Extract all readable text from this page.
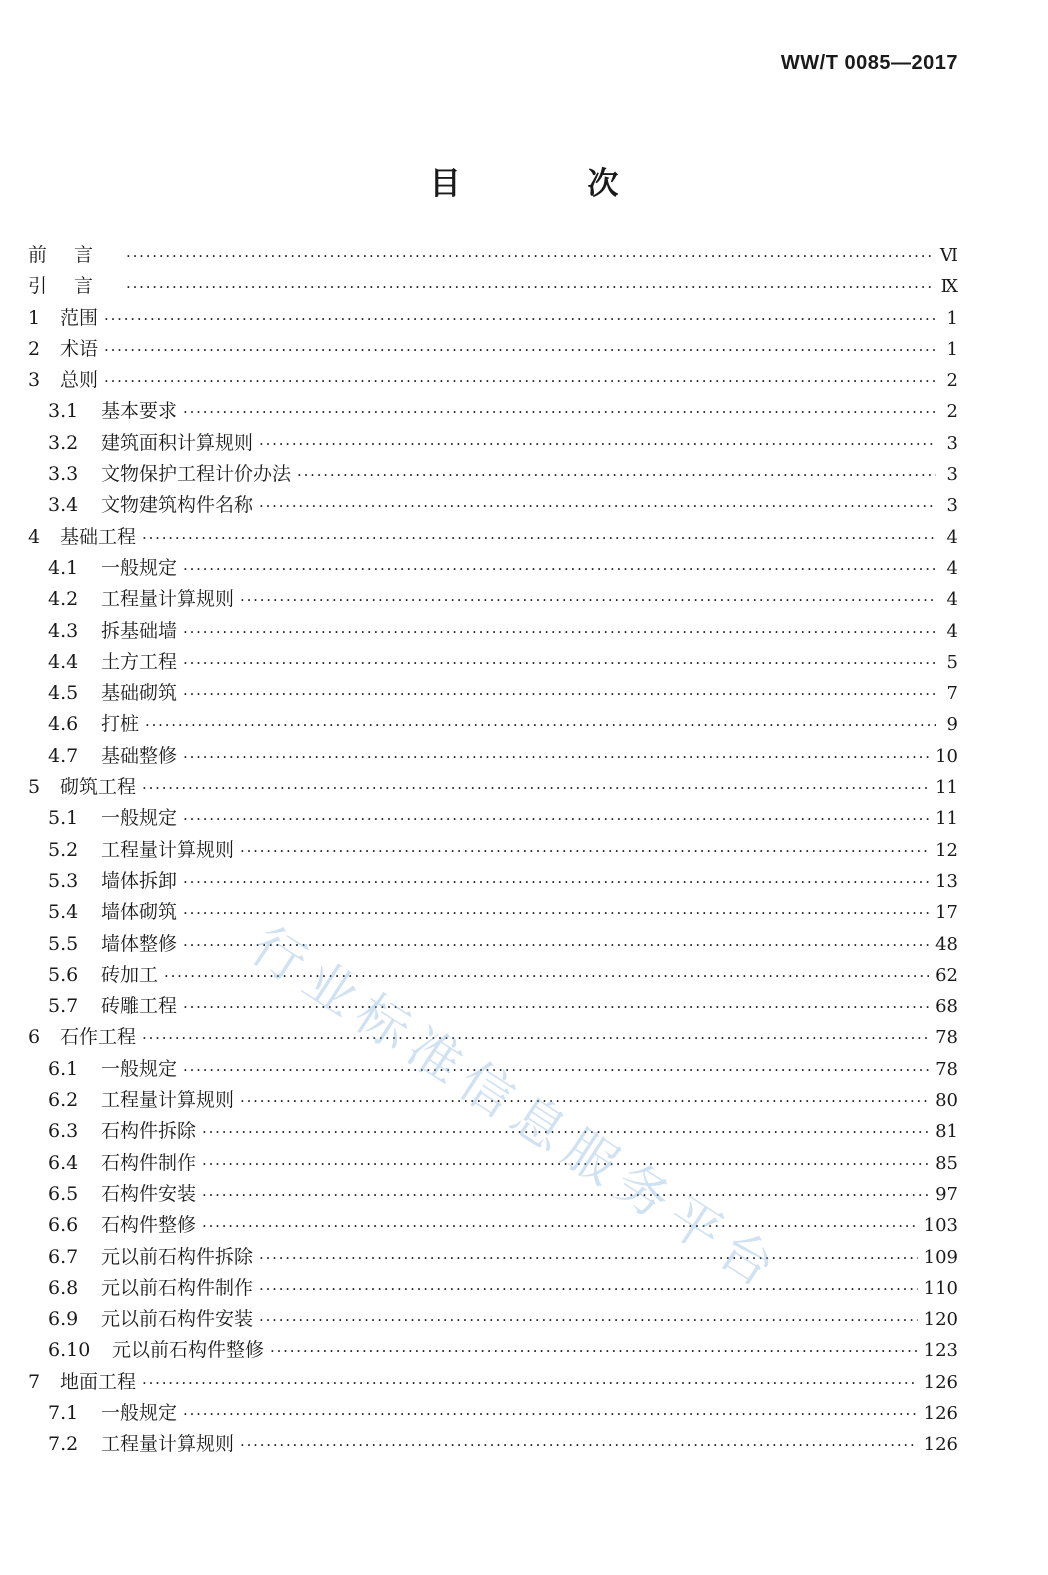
WW/T 0085—2017
目 次
前言 ·····	Ⅵ
引言 ·····	Ⅸ
1	范围 ·····	1
2	术语 ·····	1
3	总则 ·····	2
3.1	基本要求 ·····	2
3.2	建筑面积计算规则 ·····	3
3.3	文物保护工程计价办法 ·····	3
3.4	文物建筑构件名称 ·····	3
4	基础工程 ·····	4
4.1	一般规定 ·····	4
4.2	工程量计算规则 ·····	4
4.3	拆基础墙 ·····	4
4.4	土方工程 ·····	5
4.5	基础砌筑 ·····	7
4.6	打桩 ·····	9
4.7	基础整修 ·····	10
5	砌筑工程 ·····	11
5.1	一般规定 ·····	11
5.2	工程量计算规则 ·····	12
5.3	墙体拆卸 ·····	13
5.4	墙体砌筑 ·····	17
5.5	墙体整修 ·····	48
5.6	砖加工 ·····	62
5.7	砖雕工程 ·····	68
6	石作工程 ·····	78
6.1	一般规定 ·····	78
6.2	工程量计算规则 ·····	80
6.3	石构件拆除 ·····	81
6.4	石构件制作 ·····	85
6.5	石构件安装 ·····	97
6.6	石构件整修 ·····	103
6.7	元以前石构件拆除 ·····	109
6.8	元以前石构件制作 ·····	110
6.9	元以前石构件安装 ·····	120
6.10	元以前石构件整修 ·····	123
7	地面工程 ·····	126
7.1	一般规定 ·····	126
7.2	工程量计算规则 ·····	126
行业标准信息服务平台
